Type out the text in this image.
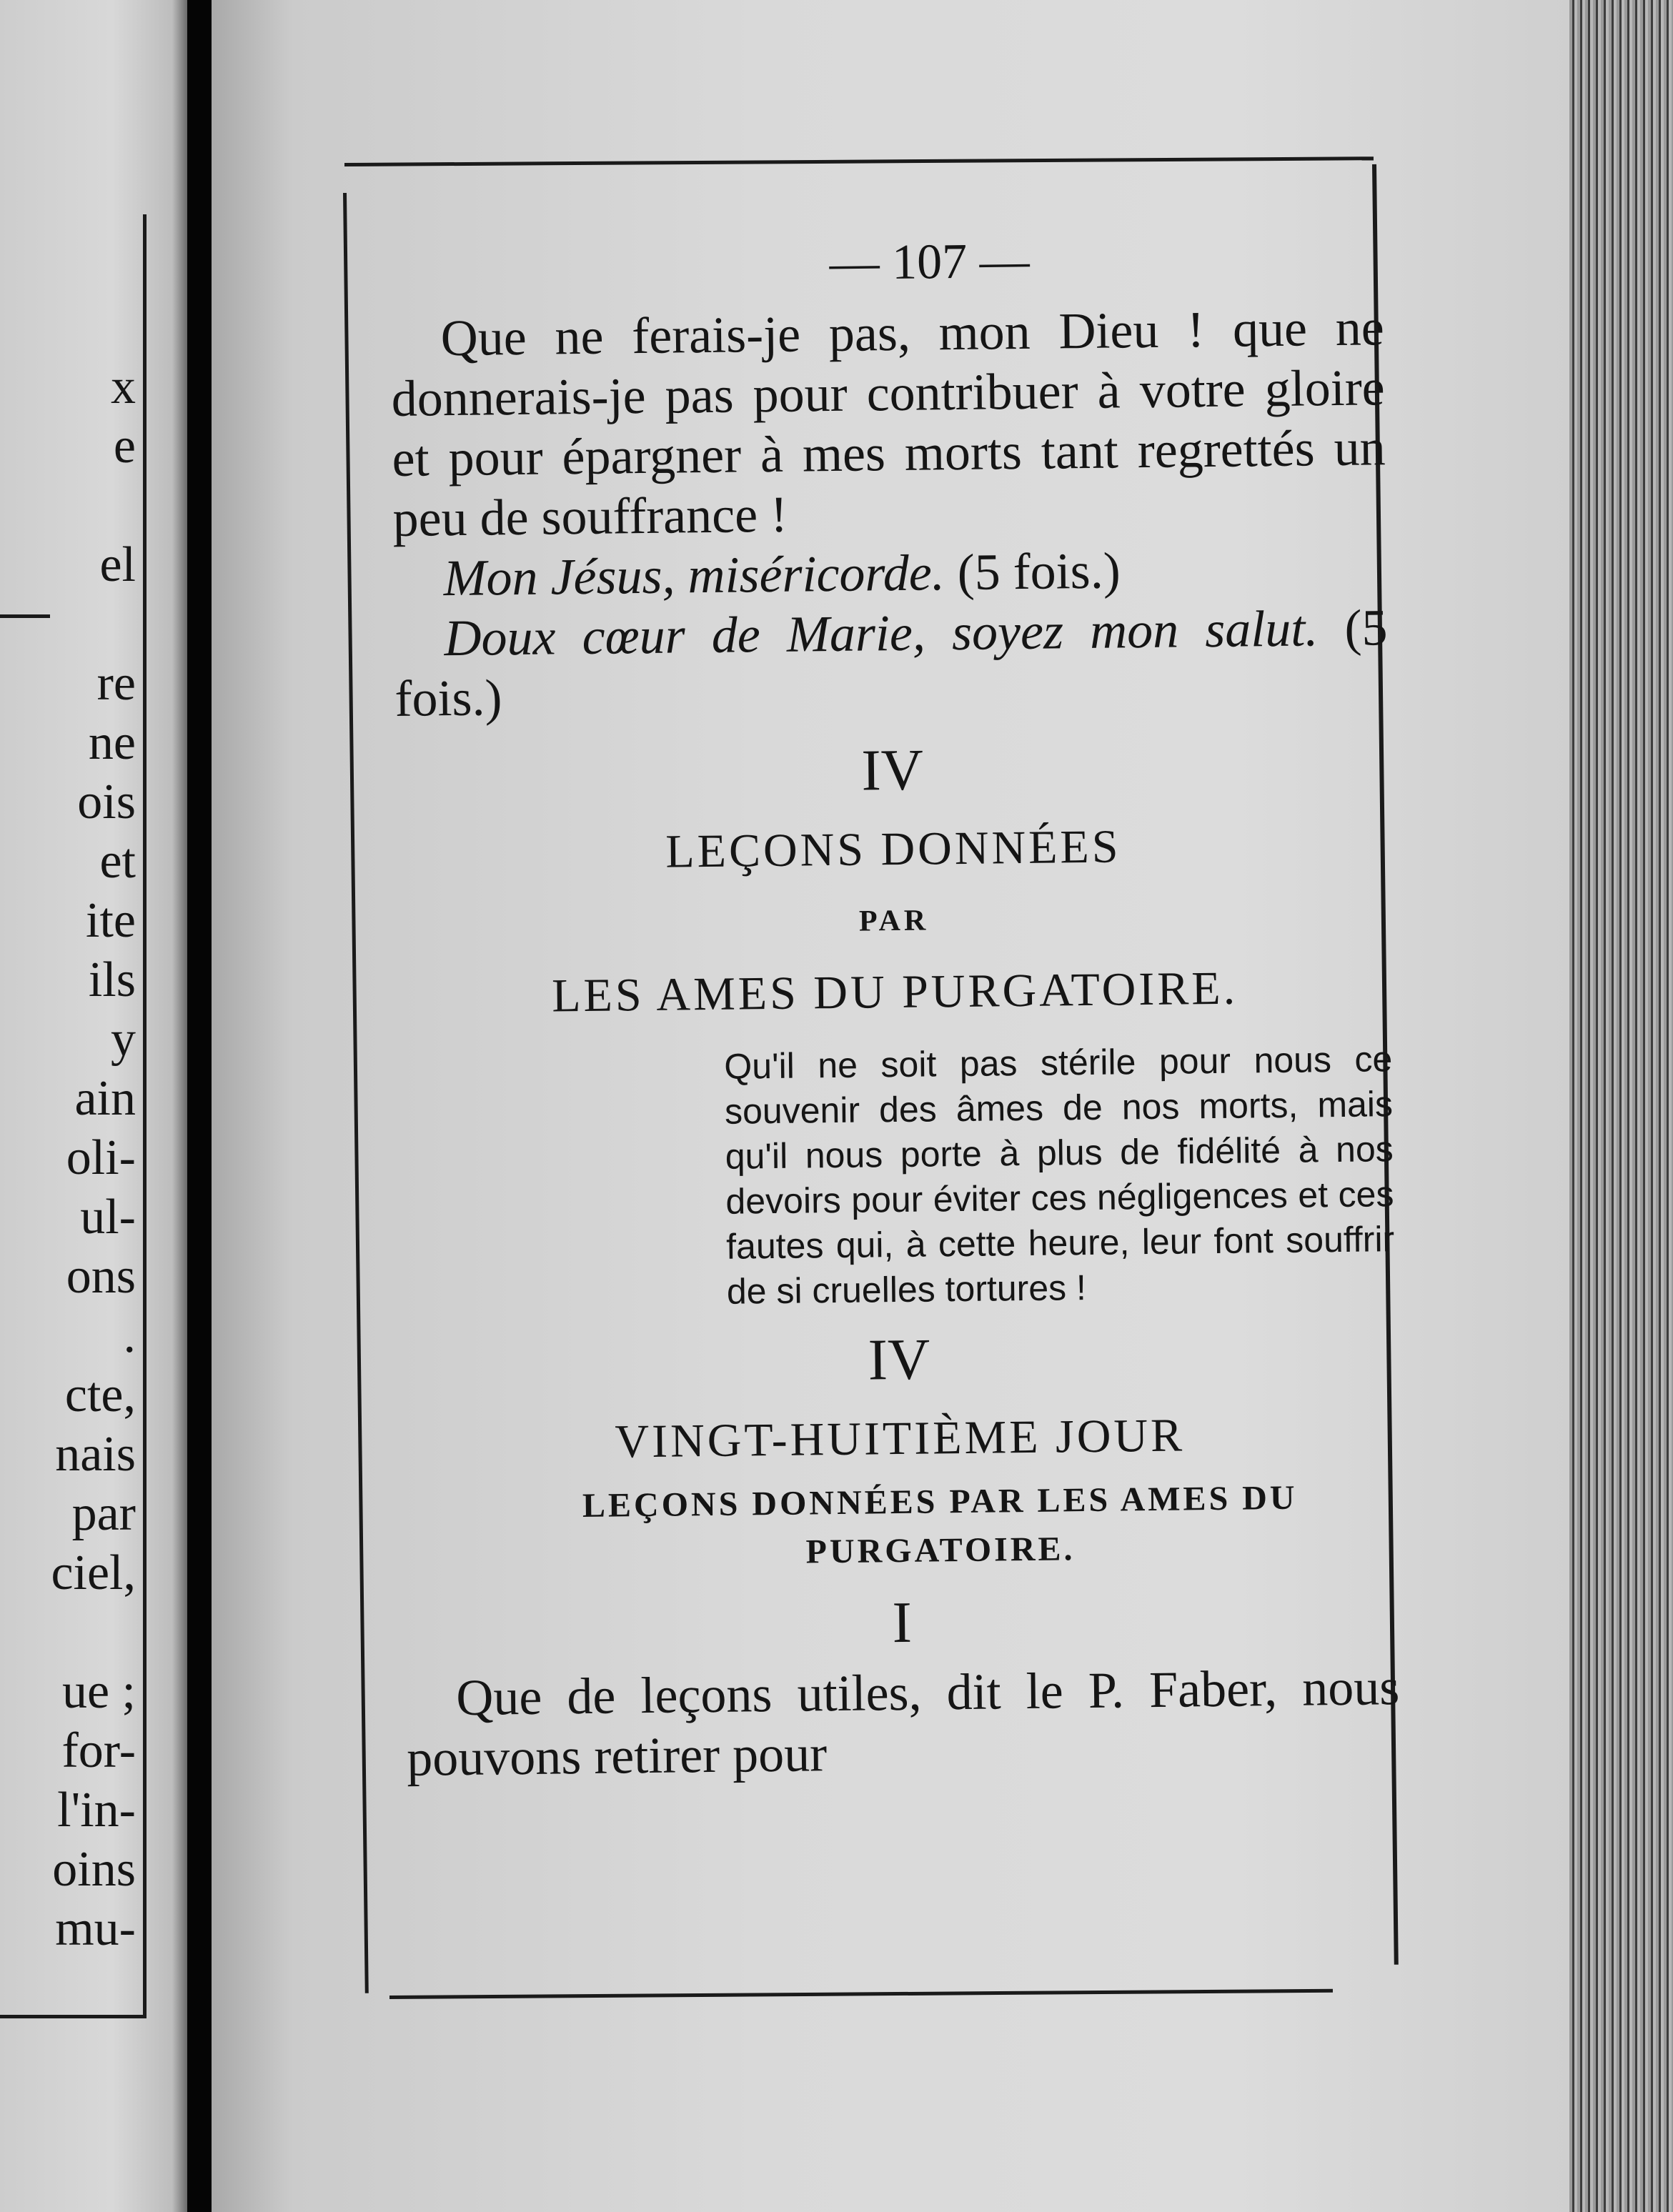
x
e
el
re
ne
ois
et
ite
ils
y
ain
oli-
ul-
ons
.
cte,
nais
par
ciel,
ue ;
for-
l'in-
oins
mu-

— 107 —

Que ne ferais-je pas, mon Dieu ! que ne donnerais-je pas pour contribuer à votre gloire et pour épargner à mes morts tant regrettés un peu de souffrance !

Mon Jésus, miséricorde. (5 fois.)

Doux cœur de Marie, soyez mon salut. (5 fois.)

IV
LEÇONS DONNÉES

PAR

LES AMES DU PURGATOIRE.

Qu'il ne soit pas stérile pour nous ce souvenir des âmes de nos morts, mais qu'il nous porte à plus de fidélité à nos devoirs pour éviter ces négligences et ces fautes qui, à cette heure, leur font souffrir de si cruelles tortures !

IV
VINGT-HUITIÈME JOUR

LEÇONS DONNÉES PAR LES AMES DU PURGATOIRE.

I

Que de leçons utiles, dit le P. Faber, nous pouvons retirer pour
